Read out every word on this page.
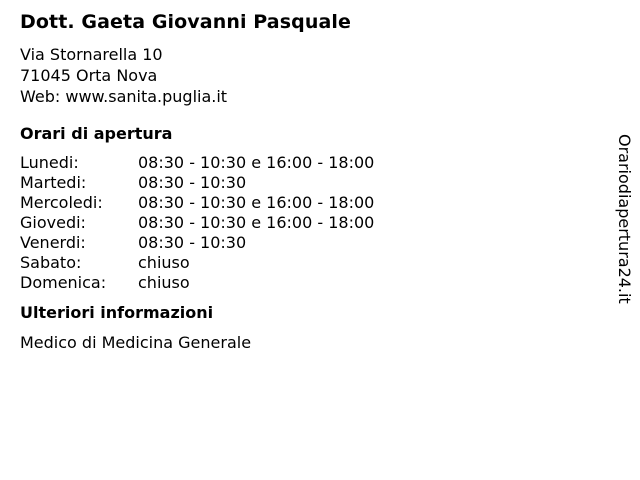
Dott. Gaeta Giovanni Pasquale
Via Stornarella 10
71045 Orta Nova
Web: www.sanita.puglia.it
Orari di apertura
Lunedi:	08:30 - 10:30 e 16:00 - 18:00
Martedi:	08:30 - 10:30
Mercoledi:	08:30 - 10:30 e 16:00 - 18:00
Giovedi:	08:30 - 10:30 e 16:00 - 18:00
Venerdi:	08:30 - 10:30
Sabato:	chiuso
Domenica:	chiuso
Ulteriori informazioni
Medico di Medicina Generale
Orariodiapertura24.it
